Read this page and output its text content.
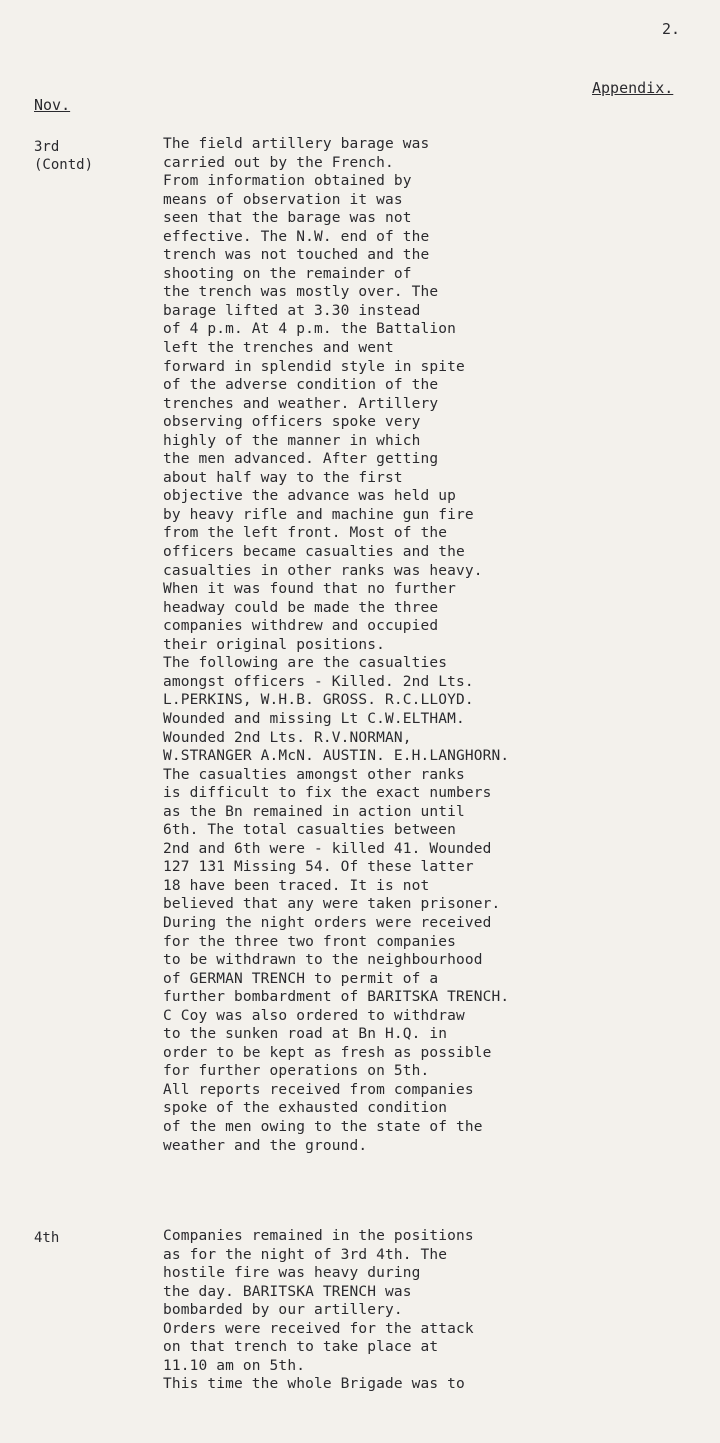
2.
Appendix.
Nov.
3rd
(Contd)
The field artillery barage was
carried out by the French.
From information obtained by
means of observation it was
seen that the barage was not
effective. The N.W. end of the
trench was not touched and the
shooting on the remainder of
the trench was mostly over. The
barage lifted at 3.30 instead
of 4 p.m. At 4 p.m. the Battalion
left the trenches and went
forward in splendid style in spite
of the adverse condition of the
trenches and weather. Artillery
observing officers spoke very
highly of the manner in which
the men advanced. After getting
about half way to the first
objective the advance was held up
by heavy rifle and machine gun fire
from the left front. Most of the
officers became casualties and the
casualties in other ranks was heavy.
When it was found that no further
headway could be made the three
companies withdrew and occupied
their original positions.
The following are the casualties
amongst officers - Killed. 2nd Lts.
L.PERKINS, W.H.B. GROSS. R.C.LLOYD.
Wounded and missing Lt C.W.ELTHAM.
Wounded 2nd Lts. R.V.NORMAN,
W.STRANGER A.McN. AUSTIN. E.H.LANGHORN.
The casualties amongst other ranks
is difficult to fix the exact numbers
as the Bn remained in action until
6th. The total casualties between
2nd and 6th were - killed 41. Wounded
127 131 Missing 54. Of these latter
18 have been traced. It is not
believed that any were taken prisoner.
During the night orders were received
for the three two front companies
to be withdrawn to the neighbourhood
of GERMAN TRENCH to permit of a
further bombardment of BARITSKA TRENCH.
C Coy was also ordered to withdraw
to the sunken road at Bn H.Q. in
order to be kept as fresh as possible
for further operations on 5th.
All reports received from companies
spoke of the exhausted condition
of the men owing to the state of the
weather and the ground.
4th	Companies remained in the positions
as for the night of 3rd 4th. The
hostile fire was heavy during
the day. BARITSKA TRENCH was
bombarded by our artillery.
Orders were received for the attack
on that trench to take place at
11.10 am on 5th.
This time the whole Brigade was to
